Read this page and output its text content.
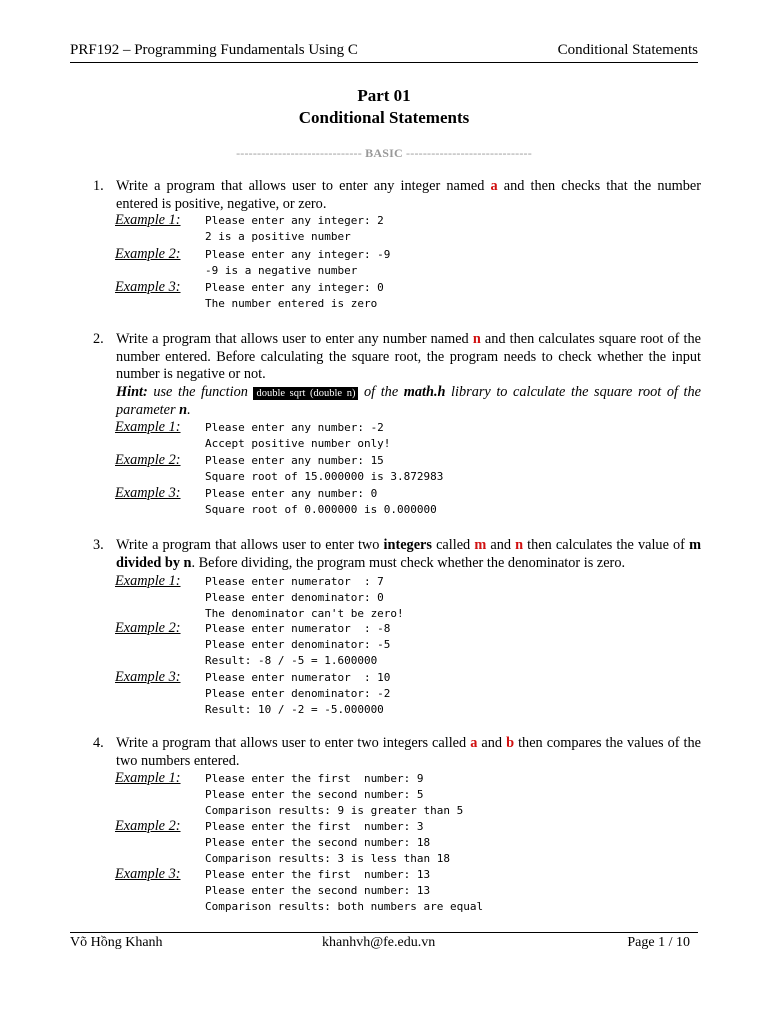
PRF192 – Programming Fundamentals Using C	Conditional Statements
Part 01
Conditional Statements
------------------------------ BASIC ------------------------------
1. Write a program that allows user to enter any integer named a and then checks that the number entered is positive, negative, or zero.
Example 1: Please enter any integer: 2
2 is a positive number
Example 2: Please enter any integer: -9
-9 is a negative number
Example 3: Please enter any integer: 0
The number entered is zero
2. Write a program that allows user to enter any number named n and then calculates square root of the number entered. Before calculating the square root, the program needs to check whether the input number is negative or not.
Hint: use the function double sqrt (double n) of the math.h library to calculate the square root of the parameter n.
Example 1: Please enter any number: -2
Accept positive number only!
Example 2: Please enter any number: 15
Square root of 15.000000 is 3.872983
Example 3: Please enter any number: 0
Square root of 0.000000 is 0.000000
3. Write a program that allows user to enter two integers called m and n then calculates the value of m divided by n. Before dividing, the program must check whether the denominator is zero.
Example 1: Please enter numerator  : 7
Please enter denominator: 0
The denominator can't be zero!
Example 2: Please enter numerator  : -8
Please enter denominator: -5
Result: -8 / -5 = 1.600000
Example 3: Please enter numerator  : 10
Please enter denominator: -2
Result: 10 / -2 = -5.000000
4. Write a program that allows user to enter two integers called a and b then compares the values of the two numbers entered.
Example 1: Please enter the first  number: 9
Please enter the second number: 5
Comparison results: 9 is greater than 5
Example 2: Please enter the first  number: 3
Please enter the second number: 18
Comparison results: 3 is less than 18
Example 3: Please enter the first  number: 13
Please enter the second number: 13
Comparison results: both numbers are equal
Võ Hồng Khanh	khanhvh@fe.edu.vn	Page 1 / 10
